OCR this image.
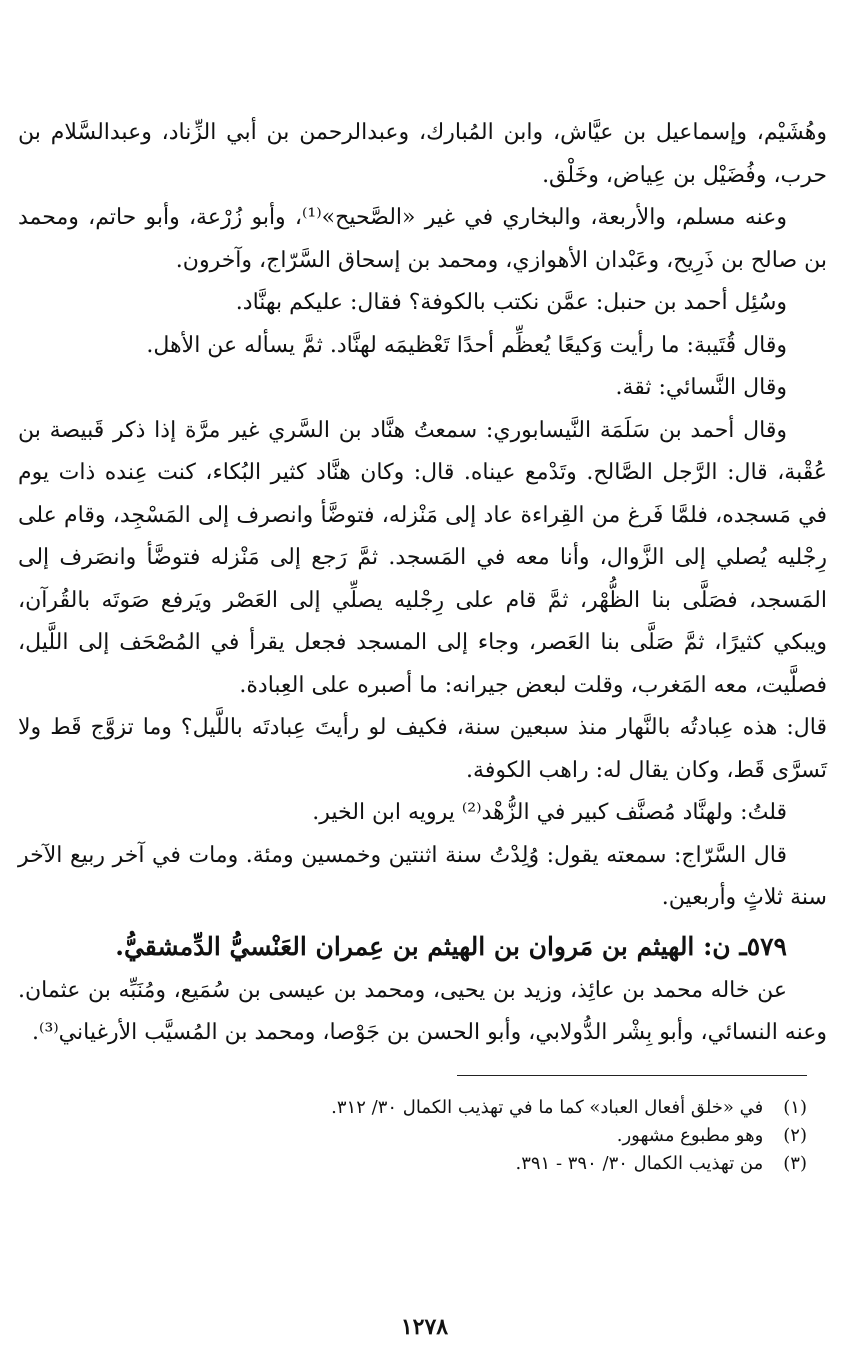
وهُشَيْم، وإسماعيل بن عيَّاش، وابن المُبارك، وعبدالرحمن بن أبي الزِّناد، وعبدالسَّلام بن حرب، وفُضَيْل بن عِياض، وخَلْق.

وعنه مسلم، والأربعة، والبخاري في غير «الصَّحيح»⁽¹⁾، وأبو زُرْعة، وأبو حاتم، ومحمد بن صالح بن ذَرِيح، وعَبْدان الأهوازي، ومحمد بن إسحاق السَّرّاج، وآخرون.

وسُئِل أحمد بن حنبل: عمَّن نكتب بالكوفة؟ فقال: عليكم بهنَّاد.

وقال قُتَيبة: ما رأيت وَكيعًا يُعظِّم أحدًا تَعْظيمَه لهنَّاد. ثمَّ يسأله عن الأهل.

وقال النَّسائي: ثقة.

وقال أحمد بن سَلَمَة النَّيسابوري: سمعتُ هنَّاد بن السَّري غير مرَّة إذا ذكر قَبيصة بن عُقْبة، قال: الرَّجل الصَّالح. وتَدْمع عيناه. قال: وكان هنَّاد كثير البُكاء، كنت عِنده ذات يوم في مَسجده، فلمَّا فَرغ من القِراءة عاد إلى مَنْزله، فتوضَّأ وانصرف إلى المَسْجِد، وقام على رِجْليه يُصلي إلى الزَّوال، وأنا معه في المَسجد. ثمَّ رَجع إلى مَنْزله فتوضَّأ وانصَرف إلى المَسجد، فصَلَّى بنا الظُّهْر، ثمَّ قام على رِجْليه يصلِّي إلى العَصْر ويَرفع صَوتَه بالقُرآن، ويبكي كثيرًا، ثمَّ صَلَّى بنا العَصر، وجاء إلى المسجد فجعل يقرأ في المُصْحَف إلى اللَّيل، فصلَّيت، معه المَغرب، وقلت لبعض جيرانه: ما أصبره على العِبادة.

قال: هذه عِبادتُه بالنَّهار منذ سبعين سنة، فكيف لو رأيتَ عِبادتَه باللَّيل؟ وما تزوَّج قَط ولا تَسرَّى قَط، وكان يقال له: راهب الكوفة.

قلتُ: ولهنَّاد مُصنَّف كبير في الزُّهْد⁽²⁾ يرويه ابن الخير.

قال السَّرّاج: سمعته يقول: وُلِدْتُ سنة اثنتين وخمسين ومئة. ومات في آخر ربيع الآخر سنة ثلاثٍ وأربعين.

٥٧٩ـ ن: الهيثم بن مَروان بن الهيثم بن عِمران العَنْسيُّ الدِّمشقيُّ.

عن خاله محمد بن عائِذ، وزيد بن يحيى، ومحمد بن عيسى بن سُمَيع، ومُنَبِّه بن عثمان. وعنه النسائي، وأبو بِشْر الدُّولابي، وأبو الحسن بن جَوْصا، ومحمد بن المُسيَّب الأرغياني⁽³⁾.

(١) في «خلق أفعال العباد» كما ما في تهذيب الكمال ٣٠/ ٣١٢.
(٢) وهو مطبوع مشهور.
(٣) من تهذيب الكمال ٣٠/ ٣٩٠ - ٣٩١.
١٢٧٨
